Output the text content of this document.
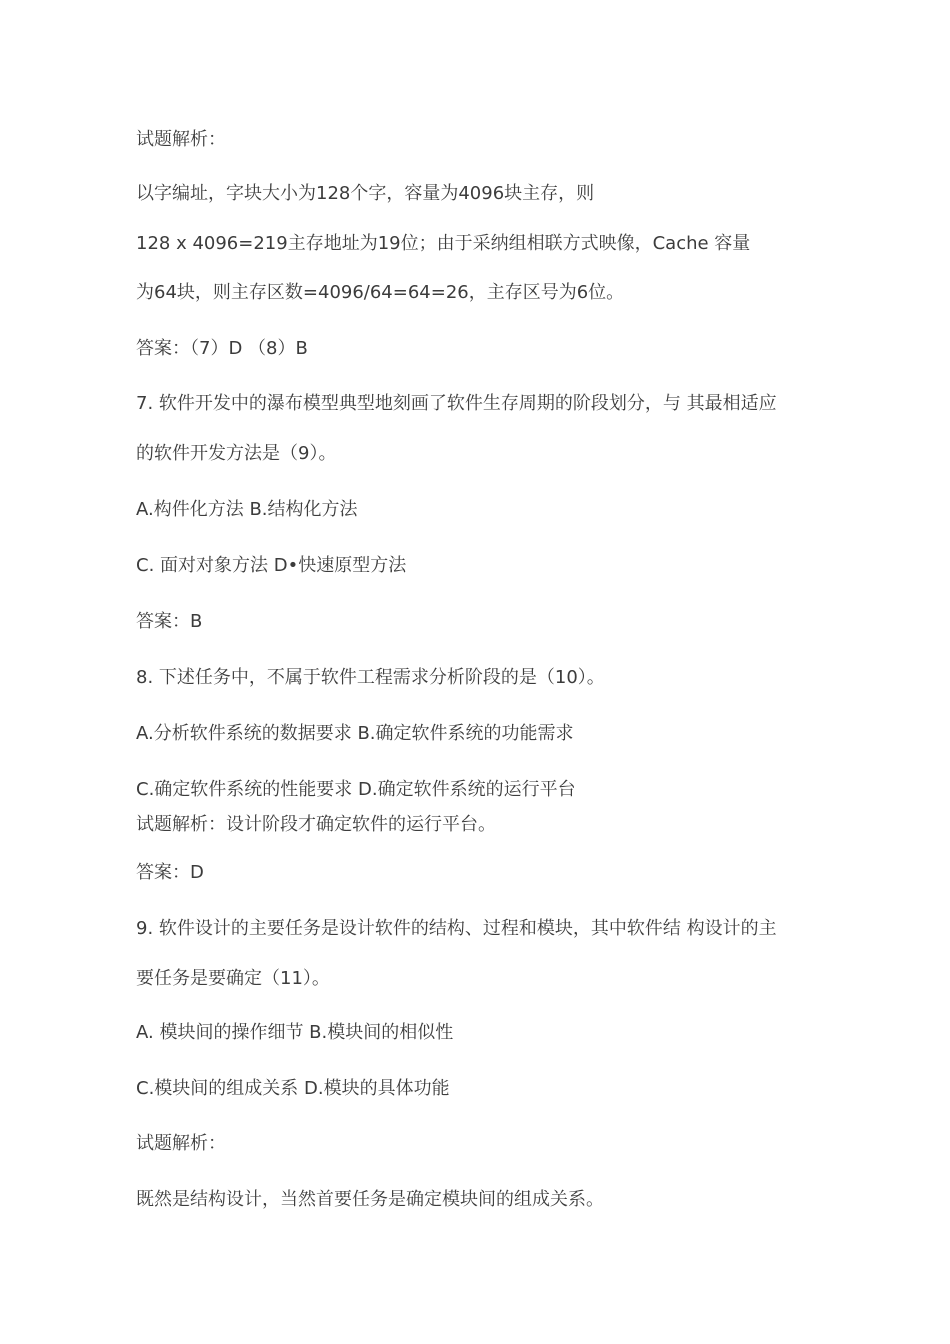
试题解析：
以字编址，字块大小为128个字，容量为4096块主存，则
128 x 4096=219主存地址为19位；由于采纳组相联方式映像，Cache 容量
为64块，则主存区数=4096/64=64=26，主存区号为6位。
答案：（7）D （8）B
7. 软件开发中的瀑布模型典型地刻画了软件生存周期的阶段划分，与 其最相适应
的软件开发方法是（9）。
A.构件化方法 B.结构化方法
C. 面对对象方法 D•快速原型方法
答案：B
8. 下述任务中，不属于软件工程需求分析阶段的是（10）。
A.分析软件系统的数据要求 B.确定软件系统的功能需求
C.确定软件系统的性能要求 D.确定软件系统的运行平台
试题解析：设计阶段才确定软件的运行平台。
答案：D
9. 软件设计的主要任务是设计软件的结构、过程和模块，其中软件结 构设计的主
要任务是要确定（11）。
A. 模块间的操作细节 B.模块间的相似性
C.模块间的组成关系 D.模块的具体功能
试题解析：
既然是结构设计，当然首要任务是确定模块间的组成关系。
